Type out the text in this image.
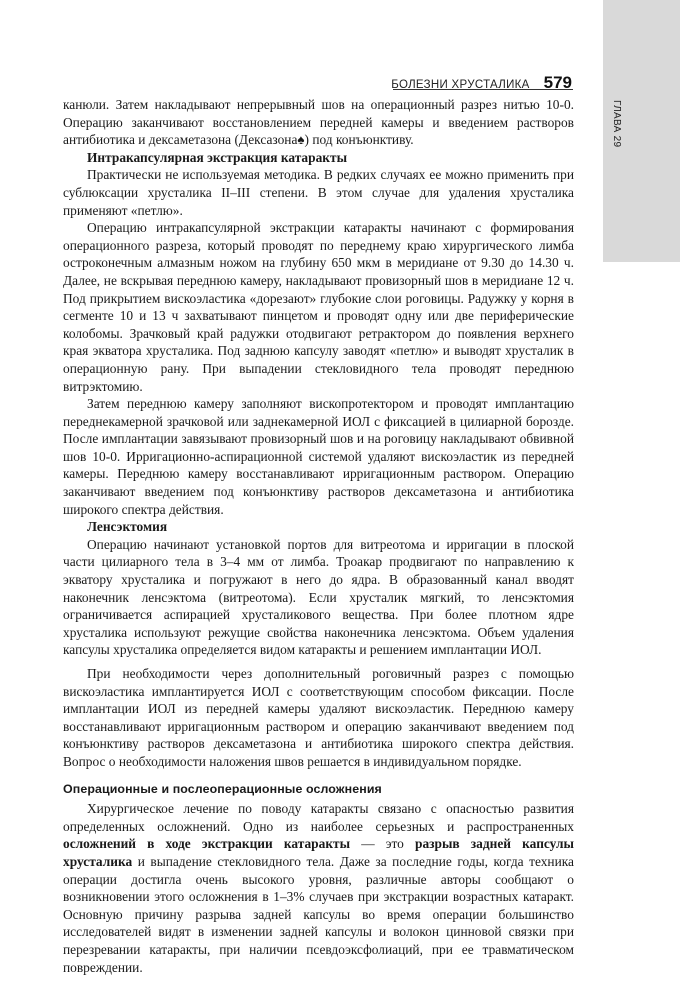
ГЛАВА 29
БОЛЕЗНИ ХРУСТАЛИКА 579

канюли. Затем накладывают непрерывный шов на операционный разрез нитью 10-0. Операцию заканчивают восстановлением передней камеры и введением растворов антибиотика и дексаметазона (Дексазона♠) под конъюнктиву.

Интракапсулярная экстракция катаракты

Практически не используемая методика. В редких случаях ее можно применить при сублюксации хрусталика II–III степени. В этом случае для удаления хрусталика применяют «петлю».

Операцию интракапсулярной экстракции катаракты начинают с формирования операционного разреза, который проводят по переднему краю хирургического лимба остроконечным алмазным ножом на глубину 650 мкм в меридиане от 9.30 до 14.30 ч. Далее, не вскрывая переднюю камеру, накладывают провизорный шов в меридиане 12 ч. Под прикрытием вискоэластика «дорезают» глубокие слои роговицы. Радужку у корня в сегменте 10 и 13 ч захватывают пинцетом и проводят одну или две периферические колобомы. Зрачковый край радужки отодвигают ретрактором до появления верхнего края экватора хрусталика. Под заднюю капсулу заводят «петлю» и выводят хрусталик в операционную рану. При выпадении стекловидного тела проводят переднюю витрэктомию.

Затем переднюю камеру заполняют вископротектором и проводят имплантацию переднекамерной зрачковой или заднекамерной ИОЛ с фиксацией в цилиарной борозде. После имплантации завязывают провизорный шов и на роговицу накладывают обвивной шов 10-0. Ирригационно-аспирационной системой удаляют вискоэластик из передней камеры. Переднюю камеру восстанавливают ирригационным раствором. Операцию заканчивают введением под конъюнктиву растворов дексаметазона и антибиотика широкого спектра действия.

Ленсэктомия

Операцию начинают установкой портов для витреотома и ирригации в плоской части цилиарного тела в 3–4 мм от лимба. Троакар продвигают по направлению к экватору хрусталика и погружают в него до ядра. В образованный канал вводят наконечник ленсэктома (витреотома). Если хрусталик мягкий, то ленсэктомия ограничивается аспирацией хрусталикового вещества. При более плотном ядре хрусталика используют режущие свойства наконечника ленсэктома. Объем удаления капсулы хрусталика определяется видом катаракты и решением имплантации ИОЛ.

При необходимости через дополнительный роговичный разрез с помощью вискоэластика имплантируется ИОЛ с соответствующим способом фиксации. После имплантации ИОЛ из передней камеры удаляют вискоэластик. Переднюю камеру восстанавливают ирригационным раствором и операцию заканчивают введением под конъюнктиву растворов дексаметазона и антибиотика широкого спектра действия. Вопрос о необходимости наложения швов решается в индивидуальном порядке.

Операционные и послеоперационные осложнения

Хирургическое лечение по поводу катаракты связано с опасностью развития определенных осложнений. Одно из наиболее серьезных и распространенных осложнений в ходе экстракции катаракты — это разрыв задней капсулы хрусталика и выпадение стекловидного тела. Даже за последние годы, когда техника операции достигла очень высокого уровня, различные авторы сообщают о возникновении этого осложнения в 1–3% случаев при экстракции возрастных катаракт. Основную причину разрыва задней капсулы во время операции большинство исследователей видят в изменении задней капсулы и волокон цинновой связки при перезревании катаракты, при наличии псевдоэксфолиаций, при ее травматическом повреждении.
